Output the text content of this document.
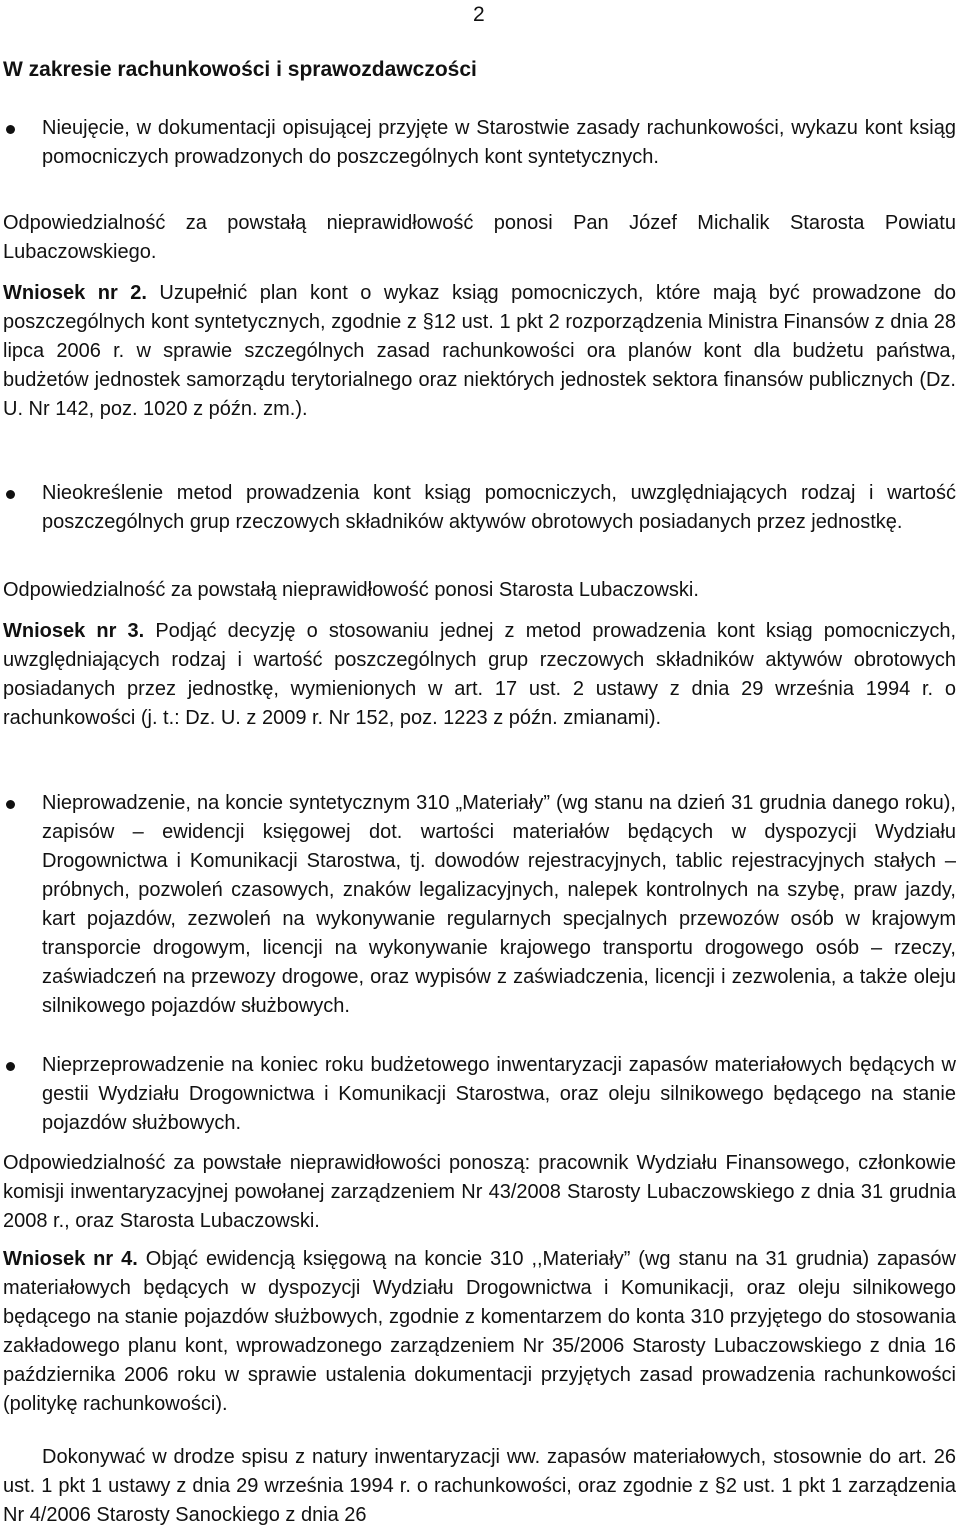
2
W zakresie rachunkowości i sprawozdawczości

Nieujęcie, w dokumentacji opisującej przyjęte w Starostwie zasady rachunkowości, wykazu kont ksiąg pomocniczych prowadzonych do poszczególnych kont syntetycznych.

Odpowiedzialność za powstałą nieprawidłowość ponosi Pan Józef Michalik Starosta Powiatu Lubaczowskiego.

Wniosek nr 2. Uzupełnić plan kont o wykaz ksiąg pomocniczych, które mają być prowadzone do poszczególnych kont syntetycznych, zgodnie z §12 ust. 1 pkt 2 rozporządzenia Ministra Finansów z dnia 28 lipca 2006 r. w sprawie szczególnych zasad rachunkowości ora planów kont dla budżetu państwa, budżetów jednostek samorządu terytorialnego oraz niektórych jednostek sektora finansów publicznych (Dz. U. Nr 142, poz. 1020 z późn. zm.).

Nieokreślenie metod prowadzenia kont ksiąg pomocniczych, uwzględniających rodzaj i wartość poszczególnych grup rzeczowych składników aktywów obrotowych posiadanych przez jednostkę.

Odpowiedzialność za powstałą nieprawidłowość ponosi Starosta Lubaczowski.

Wniosek nr 3. Podjąć decyzję o stosowaniu jednej z metod prowadzenia kont ksiąg pomocniczych, uwzględniających rodzaj i wartość poszczególnych grup rzeczowych składników aktywów obrotowych posiadanych przez jednostkę, wymienionych w art. 17 ust. 2 ustawy z dnia 29 września 1994 r. o rachunkowości (j. t.: Dz. U. z 2009 r. Nr 152, poz. 1223 z późn. zmianami).

Nieprowadzenie, na koncie syntetycznym 310 „Materiały” (wg stanu na dzień 31 grudnia danego roku), zapisów – ewidencji księgowej dot. wartości materiałów będących w dyspozycji Wydziału Drogownictwa i Komunikacji Starostwa, tj. dowodów rejestracyjnych, tablic rejestracyjnych stałych – próbnych, pozwoleń czasowych, znaków legalizacyjnych, nalepek kontrolnych na szybę, praw jazdy, kart pojazdów, zezwoleń na wykonywanie regularnych specjalnych przewozów osób w krajowym transporcie drogowym, licencji na wykonywanie krajowego transportu drogowego osób – rzeczy, zaświadczeń na przewozy drogowe, oraz wypisów z zaświadczenia, licencji i zezwolenia, a także oleju silnikowego pojazdów służbowych.

Nieprzeprowadzenie na koniec roku budżetowego inwentaryzacji zapasów materiałowych będących w gestii Wydziału Drogownictwa i Komunikacji Starostwa, oraz oleju silnikowego będącego na stanie pojazdów służbowych.

Odpowiedzialność za powstałe nieprawidłowości ponoszą: pracownik Wydziału Finansowego, członkowie komisji inwentaryzacyjnej powołanej zarządzeniem Nr 43/2008 Starosty Lubaczowskiego z dnia 31 grudnia 2008 r., oraz Starosta Lubaczowski.

Wniosek nr 4. Objąć ewidencją księgową na koncie 310 ,,Materiały” (wg stanu na 31 grudnia) zapasów materiałowych będących w dyspozycji Wydziału Drogownictwa i Komunikacji, oraz oleju silnikowego będącego na stanie pojazdów służbowych, zgodnie z komentarzem do konta 310 przyjętego do stosowania zakładowego planu kont, wprowadzonego zarządzeniem Nr 35/2006 Starosty Lubaczowskiego z dnia 16 października 2006 roku w sprawie ustalenia dokumentacji przyjętych zasad prowadzenia rachunkowości (politykę rachunkowości).

Dokonywać w drodze spisu z natury inwentaryzacji ww. zapasów materiałowych, stosownie do art. 26 ust. 1 pkt 1 ustawy z dnia 29 września 1994 r. o rachunkowości, oraz zgodnie z §2 ust. 1 pkt 1 zarządzenia Nr 4/2006 Starosty Sanockiego z dnia 26
